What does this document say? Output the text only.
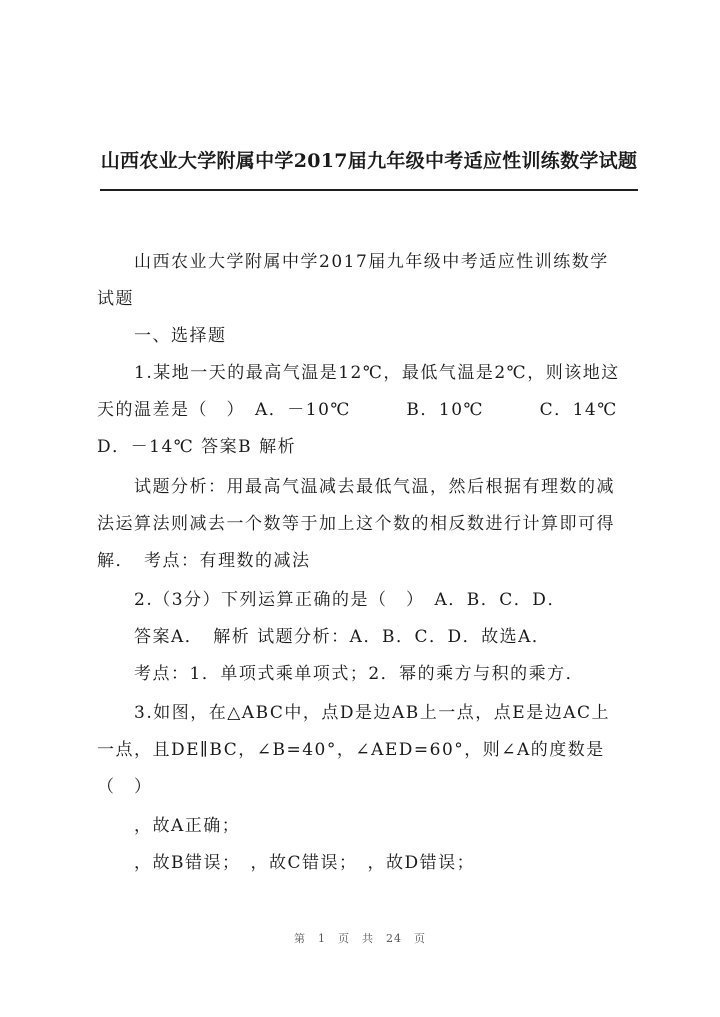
山西农业大学附属中学2017届九年级中考适应性训练数学试题
　　山西农业大学附属中学2017届九年级中考适应性训练数学
试题
　　一、选择题
　　1.某地一天的最高气温是12℃，最低气温是2℃，则该地这
天的温差是（　）　A．－10℃　　　B．10℃　　　C．14℃
D．－14℃ 答案B 解析
　　试题分析：用最高气温减去最低气温，然后根据有理数的减
法运算法则减去一个数等于加上这个数的相反数进行计算即可得
解．　考点：有理数的减法
　　2.（3分）下列运算正确的是（　）　A．B．C．D．
　　答案A．　解析 试题分析：A．B．C．D．故选A．
　　考点：1．单项式乘单项式；2．幂的乘方与积的乘方．
　　3.如图，在△ABC中，点D是边AB上一点，点E是边AC上
一点，且DE∥BC，∠B=40°，∠AED=60°，则∠A的度数是
（　）
　　，故A正确；
　　，故B错误；　，故C错误；　，故D错误；
第　1　页　共　24　页
